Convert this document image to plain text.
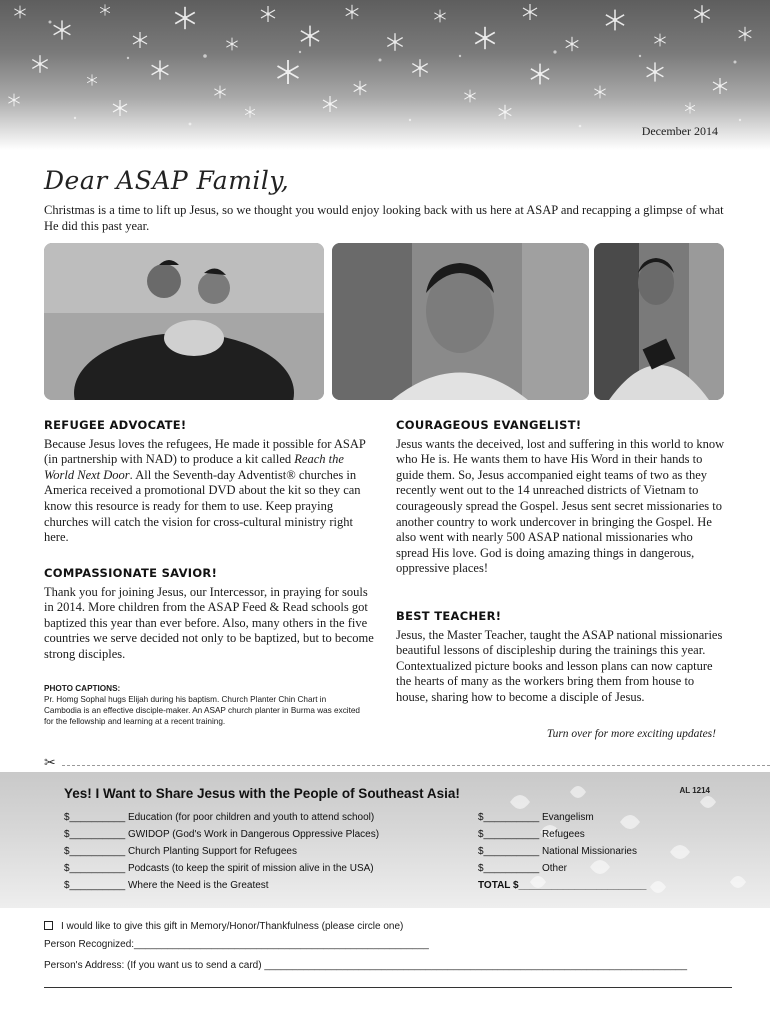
December 2014
Dear ASAP Family,

Christmas is a time to lift up Jesus, so we thought you would enjoy looking back with us here at ASAP and recapping a glimpse of what He did this past year.

REFUGEE ADVOCATE!

Because Jesus loves the refugees, He made it possible for ASAP (in partnership with NAD) to produce a kit called Reach the World Next Door. All the Seventh-day Adventist® churches in America received a promotional DVD about the kit so they can know this resource is ready for them to use. Keep praying churches will catch the vision for cross-cultural ministry right here.

COMPASSIONATE SAVIOR!

Thank you for joining Jesus, our Intercessor, in praying for souls in 2014. More children from the ASAP Feed & Read schools got baptized this year than ever before. Also, many others in the five countries we serve decided not only to be baptized, but to become strong disciples.

PHOTO CAPTIONS:
Pr. Homg Sophal hugs Elijah during his baptism. Church Planter Chin Chart in Cambodia is an effective disciple-maker. An ASAP church planter in Burma was excited for the fellowship and learning at a recent training.
COURAGEOUS EVANGELIST!

Jesus wants the deceived, lost and suffering in this world to know who He is. He wants them to have His Word in their hands to guide them. So, Jesus accompanied eight teams of two as they recently went out to the 14 unreached districts of Vietnam to courageously spread the Gospel. Jesus sent secret missionaries to another country to work undercover in bringing the Gospel. He also went with nearly 500 ASAP national missionaries who spread His love. God is doing amazing things in dangerous, oppressive places!

BEST TEACHER!

Jesus, the Master Teacher, taught the ASAP national missionaries beautiful lessons of discipleship during the trainings this year. Contextualized picture books and lesson plans can now capture the hearts of many as the workers bring them from house to house, sharing how to become a disciple of Jesus.

Turn over for more exciting updates!
✂
Yes! I Want to Share Jesus with the People of Southeast Asia!	AL 1214
$__________ Education (for poor children and youth to attend school)
$__________ GWIDOP (God's Work in Dangerous Oppressive Places)
$__________ Church Planting Support for Refugees
$__________ Podcasts (to keep the spirit of mission alive in the USA)
$__________ Where the Need is the Greatest
$__________ Evangelism
$__________ Refugees
$__________ National Missionaries
$__________ Other
TOTAL $_______________________
I would like to give this gift in Memory/Honor/Thankfulness (please circle one)
Person Recognized:_____________________________________________________
Person's Address: (If you want us to send a card) ____________________________________________________________________________
